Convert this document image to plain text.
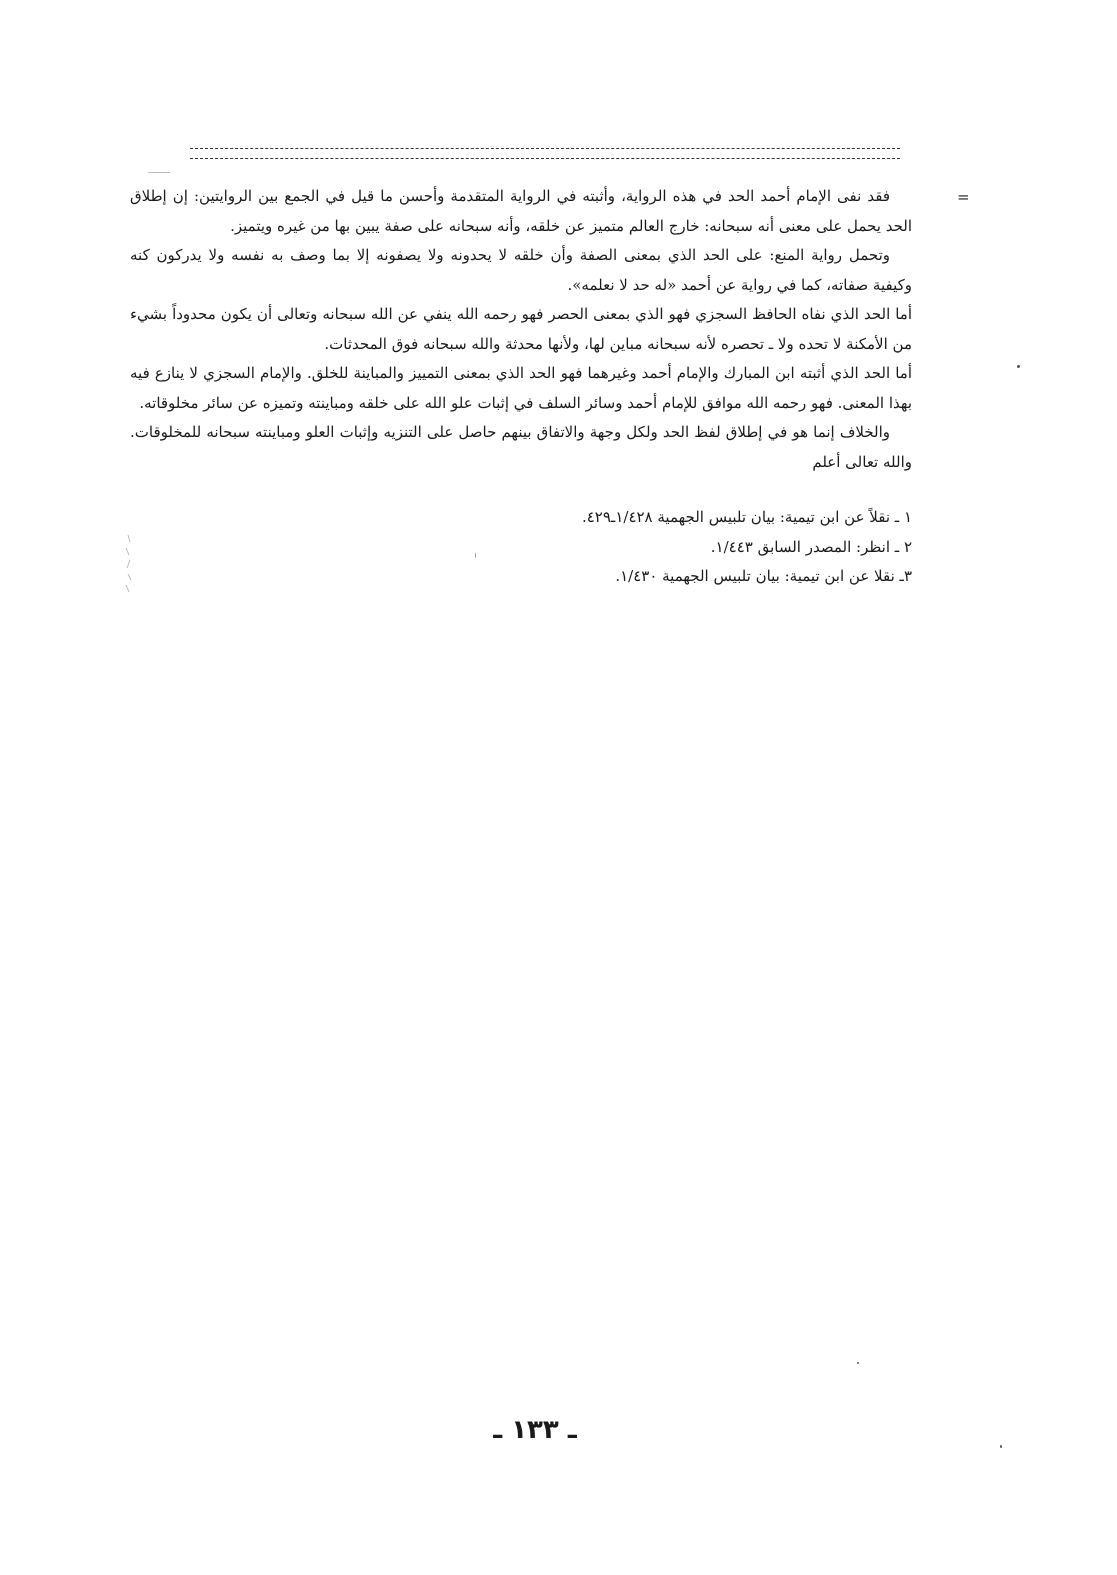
=

فقد نفى الإمام أحمد الحد في هذه الرواية، وأثبته في الرواية المتقدمة وأحسن ما قيل في الجمع بين الروايتين: إن إطلاق الحد يحمل على معنى أنه سبحانه: خارج العالم متميز عن خلقه، وأنه سبحانه على صفة يبين بها من غيره ويتميز.

وتحمل رواية المنع: على الحد الذي بمعنى الصفة وأن خلقه لا يحدونه ولا يصفونه إلا بما وصف به نفسه ولا يدركون كنه وكيفية صفاته، كما في رواية عن أحمد «له حد لا نعلمه».

أما الحد الذي نفاه الحافظ السجزي فهو الذي بمعنى الحصر فهو رحمه الله ينفي عن الله سبحانه وتعالى أن يكون محدوداً بشيء من الأمكنة لا تحده ولا ـ تحصره لأنه سبحانه مباين لها، ولأنها محدثة والله سبحانه فوق المحدثات.

أما الحد الذي أثبته ابن المبارك والإمام أحمد وغيرهما فهو الحد الذي بمعنى التمييز والمباينة للخلق. والإمام السجزي لا ينازع فيه بهذا المعنى. فهو رحمه الله موافق للإمام أحمد وسائر السلف في إثبات علو الله على خلقه ومباينته وتميزه عن سائر مخلوقاته.

والخلاف إنما هو في إطلاق لفظ الحد ولكل وجهة والاتفاق بينهم حاصل على التنزيه وإثبات العلو ومباينته سبحانه للمخلوقات. والله تعالى أعلم

١ ـ نقلاً عن ابن تيمية: بيان تلبيس الجهمية ١/٤٢٨ـ٤٢٩.
٢ ـ انظر: المصدر السابق ١/٤٤٣.
٣ـ نقلا عن ابن تيمية: بيان تلبيس الجهمية ١/٤٣٠.
ـ ١٣٣ ـ
